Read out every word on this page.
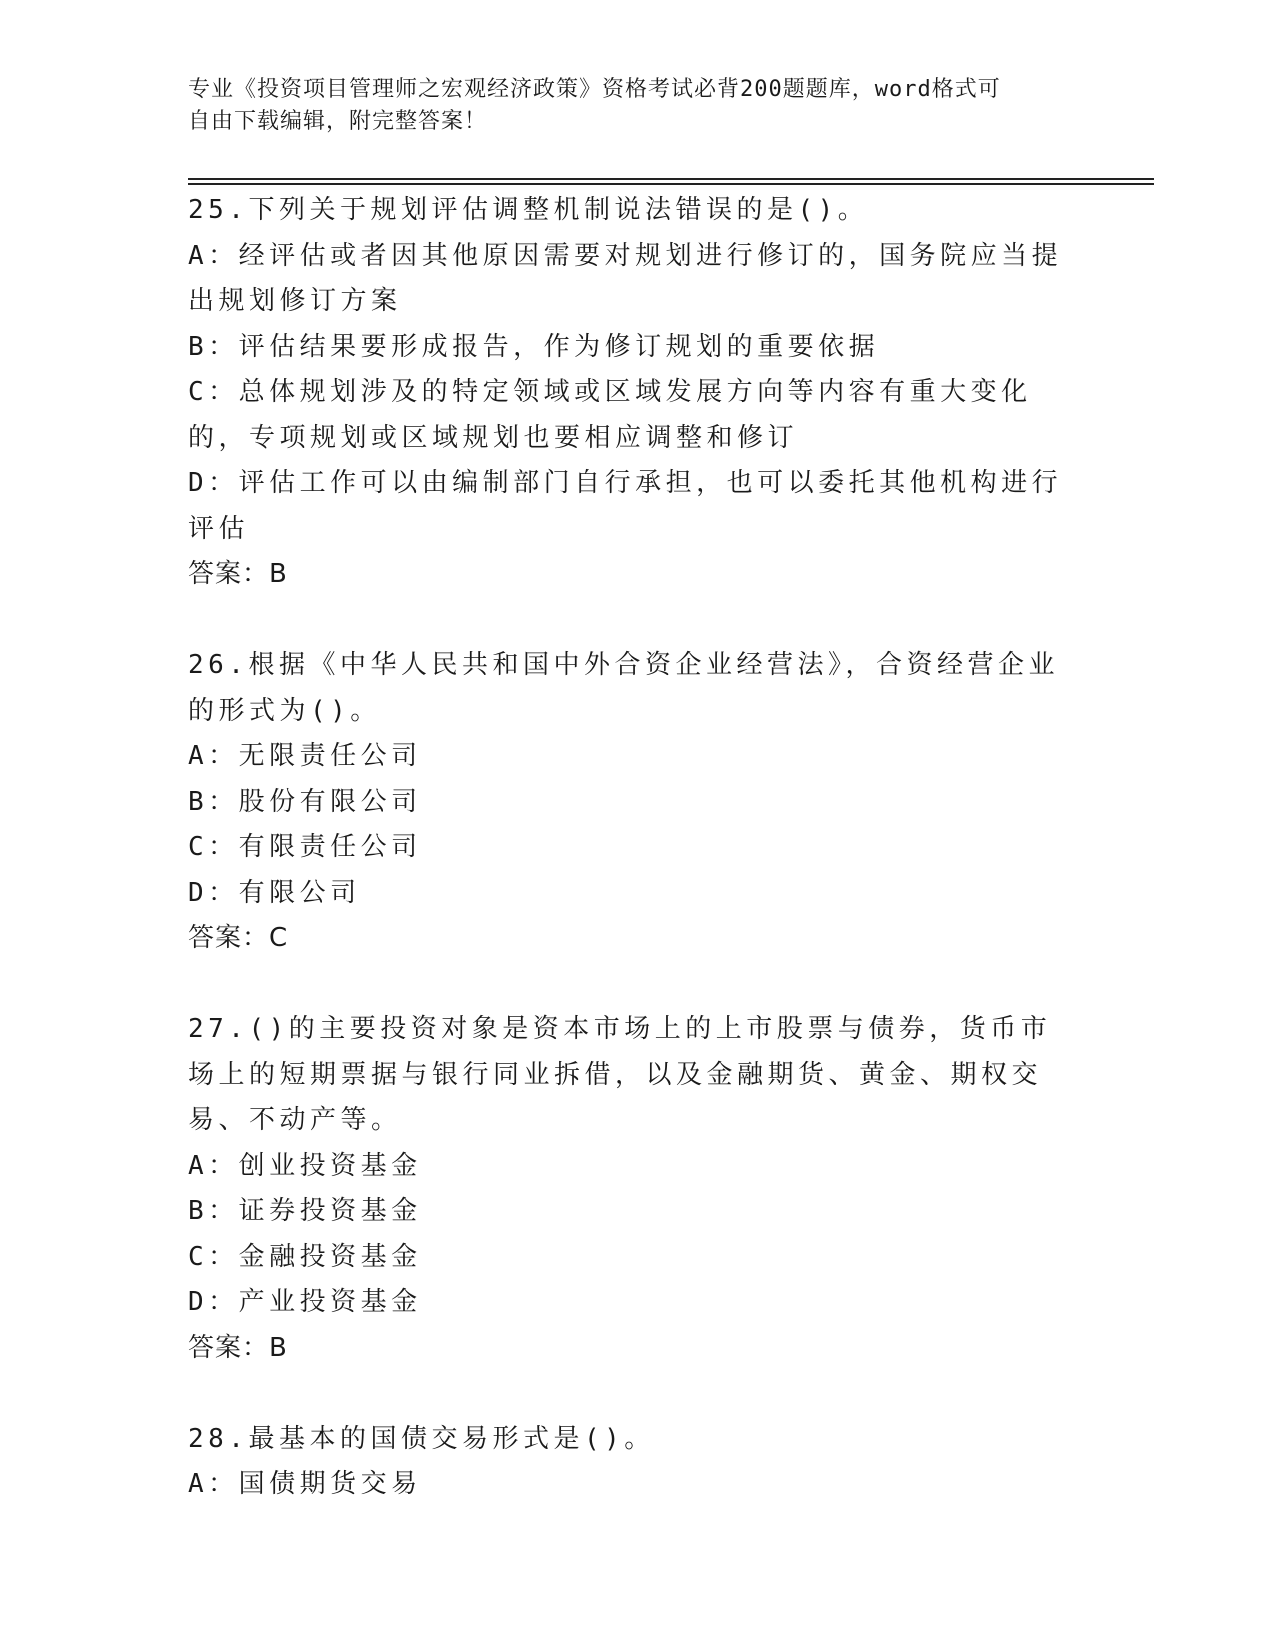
专业《投资项目管理师之宏观经济政策》资格考试必背200题题库，word格式可
自由下载编辑，附完整答案！

25.下列关于规划评估调整机制说法错误的是()。

A：经评估或者因其他原因需要对规划进行修订的，国务院应当提出规划修订方案

B：评估结果要形成报告，作为修订规划的重要依据

C：总体规划涉及的特定领域或区域发展方向等内容有重大变化的，专项规划或区域规划也要相应调整和修订

D：评估工作可以由编制部门自行承担，也可以委托其他机构进行评估

答案：B

26.根据《中华人民共和国中外合资企业经营法》，合资经营企业的形式为()。

A：无限责任公司

B：股份有限公司

C：有限责任公司

D：有限公司

答案：C

27.()的主要投资对象是资本市场上的上市股票与债券，货币市场上的短期票据与银行同业拆借，以及金融期货、黄金、期权交易、不动产等。

A：创业投资基金

B：证券投资基金

C：金融投资基金

D：产业投资基金

答案：B

28.最基本的国债交易形式是()。

A：国债期货交易
